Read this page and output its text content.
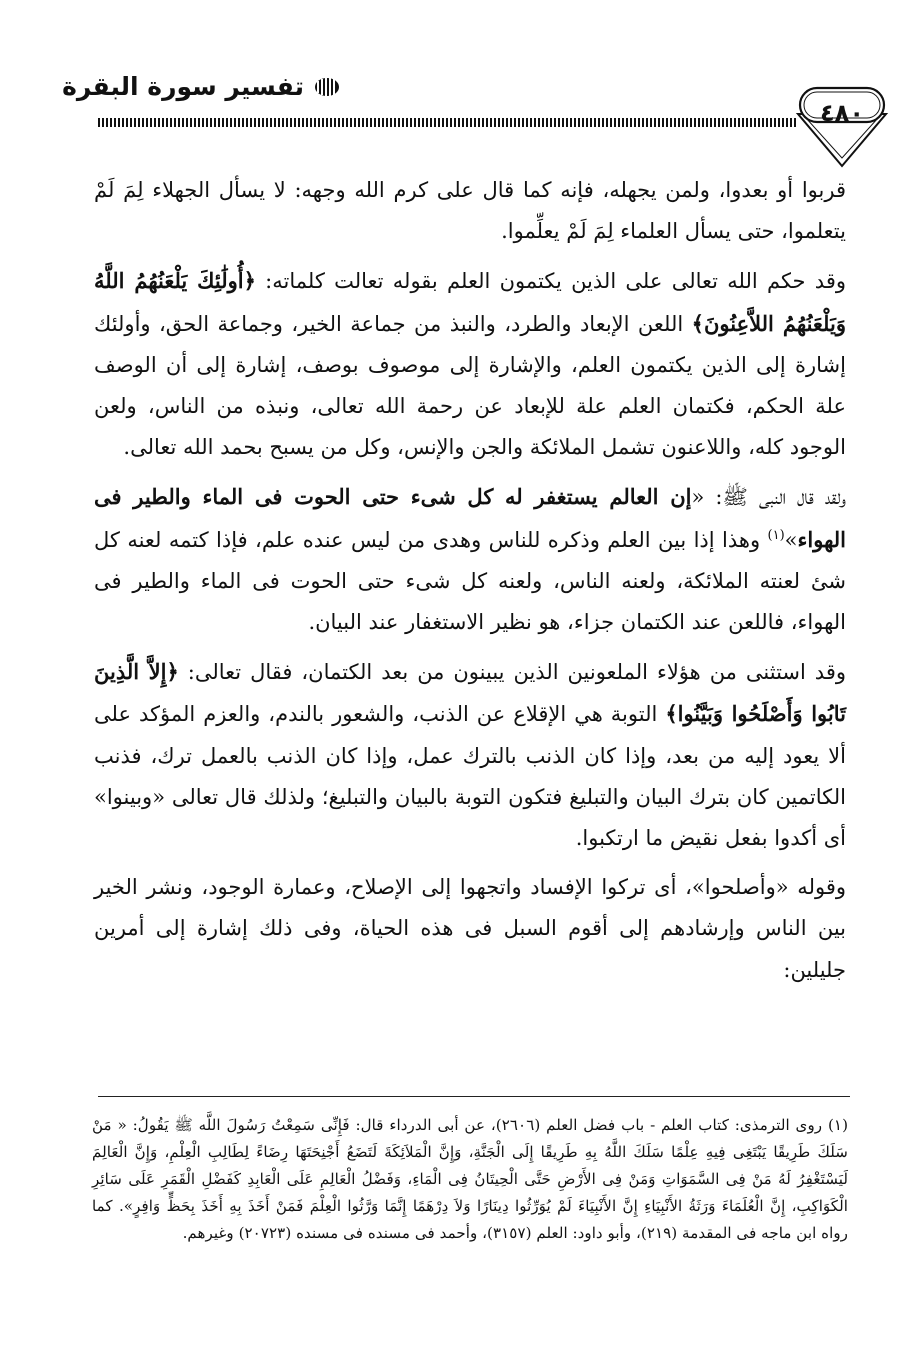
تفسير سورة البقرة
٤٨٠

قربوا أو بعدوا، ولمن يجهله، فإنه كما قال على كرم الله وجهه: لا يسأل الجهلاء لِمَ لَمْ يتعلموا، حتى يسأل العلماء لِمَ لَمْ يعلِّموا.

وقد حكم الله تعالى على الذين يكتمون العلم بقوله تعالت كلماته: ﴿أُولَٰئِكَ يَلْعَنُهُمُ اللَّهُ وَيَلْعَنُهُمُ اللاَّعِنُونَ﴾ اللعن الإبعاد والطرد، والنبذ من جماعة الخير، وجماعة الحق، وأولئك إشارة إلى الذين يكتمون العلم، والإشارة إلى موصوف بوصف، إشارة إلى أن الوصف علة الحكم، فكتمان العلم علة للإبعاد عن رحمة الله تعالى، ونبذه من الناس، ولعن الوجود كله، واللاعنون تشمل الملائكة والجن والإنس، وكل من يسبح بحمد الله تعالى.

ولقد قال النبى ﷺ: «إن العالم يستغفر له كل شىء حتى الحوت فى الماء والطير فى الهواء»$^{(١)}$ وهذا إذا بين العلم وذكره للناس وهدى من ليس عنده علم، فإذا كتمه لعنه كل شئ لعنته الملائكة، ولعنه الناس، ولعنه كل شىء حتى الحوت فى الماء والطير فى الهواء، فاللعن عند الكتمان جزاء، هو نظير الاستغفار عند البيان.

وقد استثنى من هؤلاء الملعونين الذين يبينون من بعد الكتمان، فقال تعالى: ﴿إِلاَّ الَّذِينَ تَابُوا وَأَصْلَحُوا وَبَيَّنُوا﴾ التوبة هي الإقلاع عن الذنب، والشعور بالندم، والعزم المؤكد على ألا يعود إليه من بعد، وإذا كان الذنب بالترك عمل، وإذا كان الذنب بالعمل ترك، فذنب الكاتمين كان بترك البيان والتبليغ فتكون التوبة بالبيان والتبليغ؛ ولذلك قال تعالى «وبينوا» أى أكدوا بفعل نقيض ما ارتكبوا.

وقوله «وأصلحوا»، أى تركوا الإفساد واتجهوا إلى الإصلاح، وعمارة الوجود، ونشر الخير بين الناس وإرشادهم إلى أقوم السبل فى هذه الحياة، وفى ذلك إشارة إلى أمرين جليلين:

(١) روى الترمذى: كتاب العلم - باب فضل العلم (٢٦٠٦)، عن أبى الدرداء قال: فَإِنِّى سَمِعْتُ رَسُولَ اللَّه ﷺ يَقُولُ: « مَنْ سَلَكَ طَرِيقًا يَبْتَغِى فِيهِ عِلْمًا سَلَكَ اللَّهُ بِهِ طَرِيقًا إِلَى الْجَنَّةِ، وَإِنَّ الْمَلاَئِكَةَ لَتَضَعُ أَجْنِحَتَهَا رِضَاءً لِطَالِبِ الْعِلْمِ، وَإِنَّ الْعَالِمَ لَيَسْتَغْفِرُ لَهُ مَنْ فِى السَّمَوَاتِ وَمَنْ فِى الأَرْضِ حَتَّى الْحِيتَانُ فِى الْمَاءِ، وَفَضْلُ الْعَالِمِ عَلَى الْعَابِدِ كَفَضْلِ الْقَمَرِ عَلَى سَائِرِ الْكَوَاكِبِ، إِنَّ الْعُلَمَاءَ وَرَثَةُ الأَنْبِيَاءِ إِنَّ الأَنْبِيَاءَ لَمْ يُوَرِّثُوا دِينَارًا وَلاَ دِرْهَمًا إِنَّمَا وَرَّثُوا الْعِلْمَ فَمَنْ أَخَذَ بِهِ أَخَذَ بِحَظٍّ وَافِرٍ». كما رواه ابن ماجه فى المقدمة (٢١٩)، وأبو داود: العلم (٣١٥٧)، وأحمد فى مسنده فى مسنده (٢٠٧٢٣) وغيرهم.
